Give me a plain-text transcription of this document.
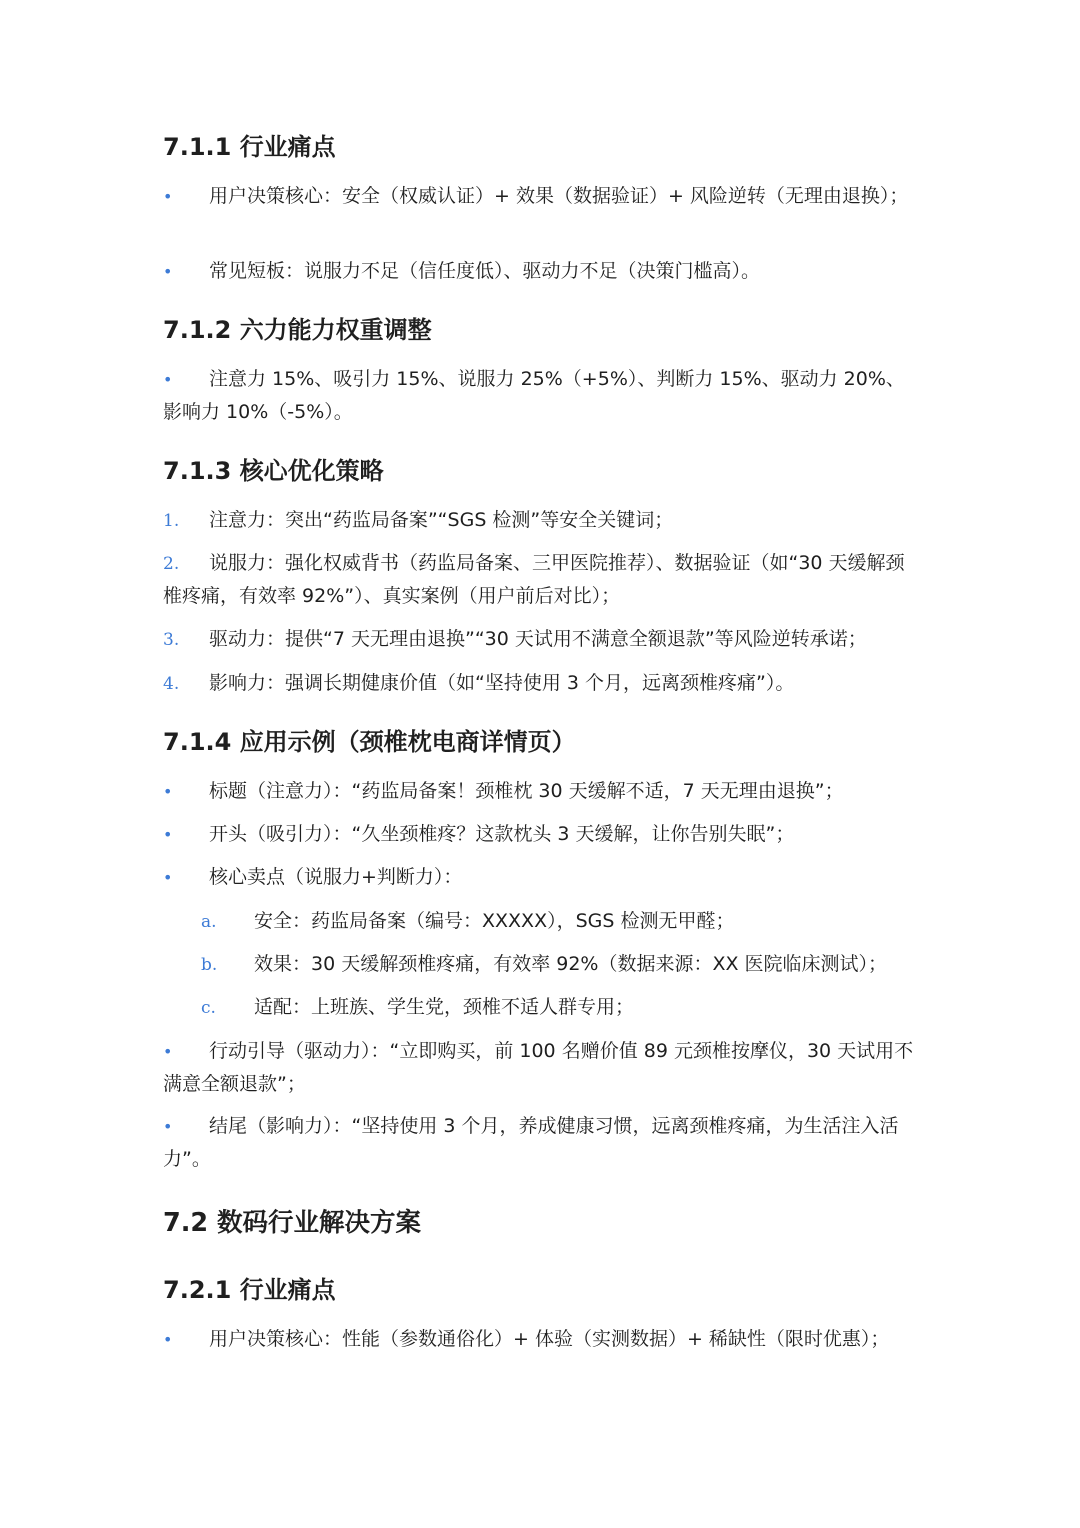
7.1.1 行业痛点
• 用户决策核心：安全（权威认证）+ 效果（数据验证）+ 风险逆转（无理由退换）；
• 常见短板：说服力不足（信任度低）、驱动力不足（决策门槛高）。
7.1.2 六力能力权重调整
• 注意力 15%、吸引力 15%、说服力 25%（+5%）、判断力 15%、驱动力 20%、影响力 10%（-5%）。
7.1.3 核心优化策略
1. 注意力：突出“药监局备案”“SGS 检测”等安全关键词；
2. 说服力：强化权威背书（药监局备案、三甲医院推荐）、数据验证（如“30 天缓解颈椎疼痛，有效率 92%”）、真实案例（用户前后对比）；
3. 驱动力：提供“7 天无理由退换”“30 天试用不满意全额退款”等风险逆转承诺；
4. 影响力：强调长期健康价值（如“坚持使用 3 个月，远离颈椎疼痛”）。
7.1.4 应用示例（颈椎枕电商详情页）
• 标题（注意力）：“药监局备案！颈椎枕 30 天缓解不适，7 天无理由退换”；
• 开头（吸引力）：“久坐颈椎疼？这款枕头 3 天缓解，让你告别失眠”；
• 核心卖点（说服力+判断力）：
a. 安全：药监局备案（编号：XXXXX），SGS 检测无甲醛；
b. 效果：30 天缓解颈椎疼痛，有效率 92%（数据来源：XX 医院临床测试）；
c. 适配：上班族、学生党，颈椎不适人群专用；
• 行动引导（驱动力）：“立即购买，前 100 名赠价值 89 元颈椎按摩仪，30 天试用不满意全额退款”；
• 结尾（影响力）：“坚持使用 3 个月，养成健康习惯，远离颈椎疼痛，为生活注入活力”。
7.2 数码行业解决方案
7.2.1 行业痛点
• 用户决策核心：性能（参数通俗化）+ 体验（实测数据）+ 稀缺性（限时优惠）；
